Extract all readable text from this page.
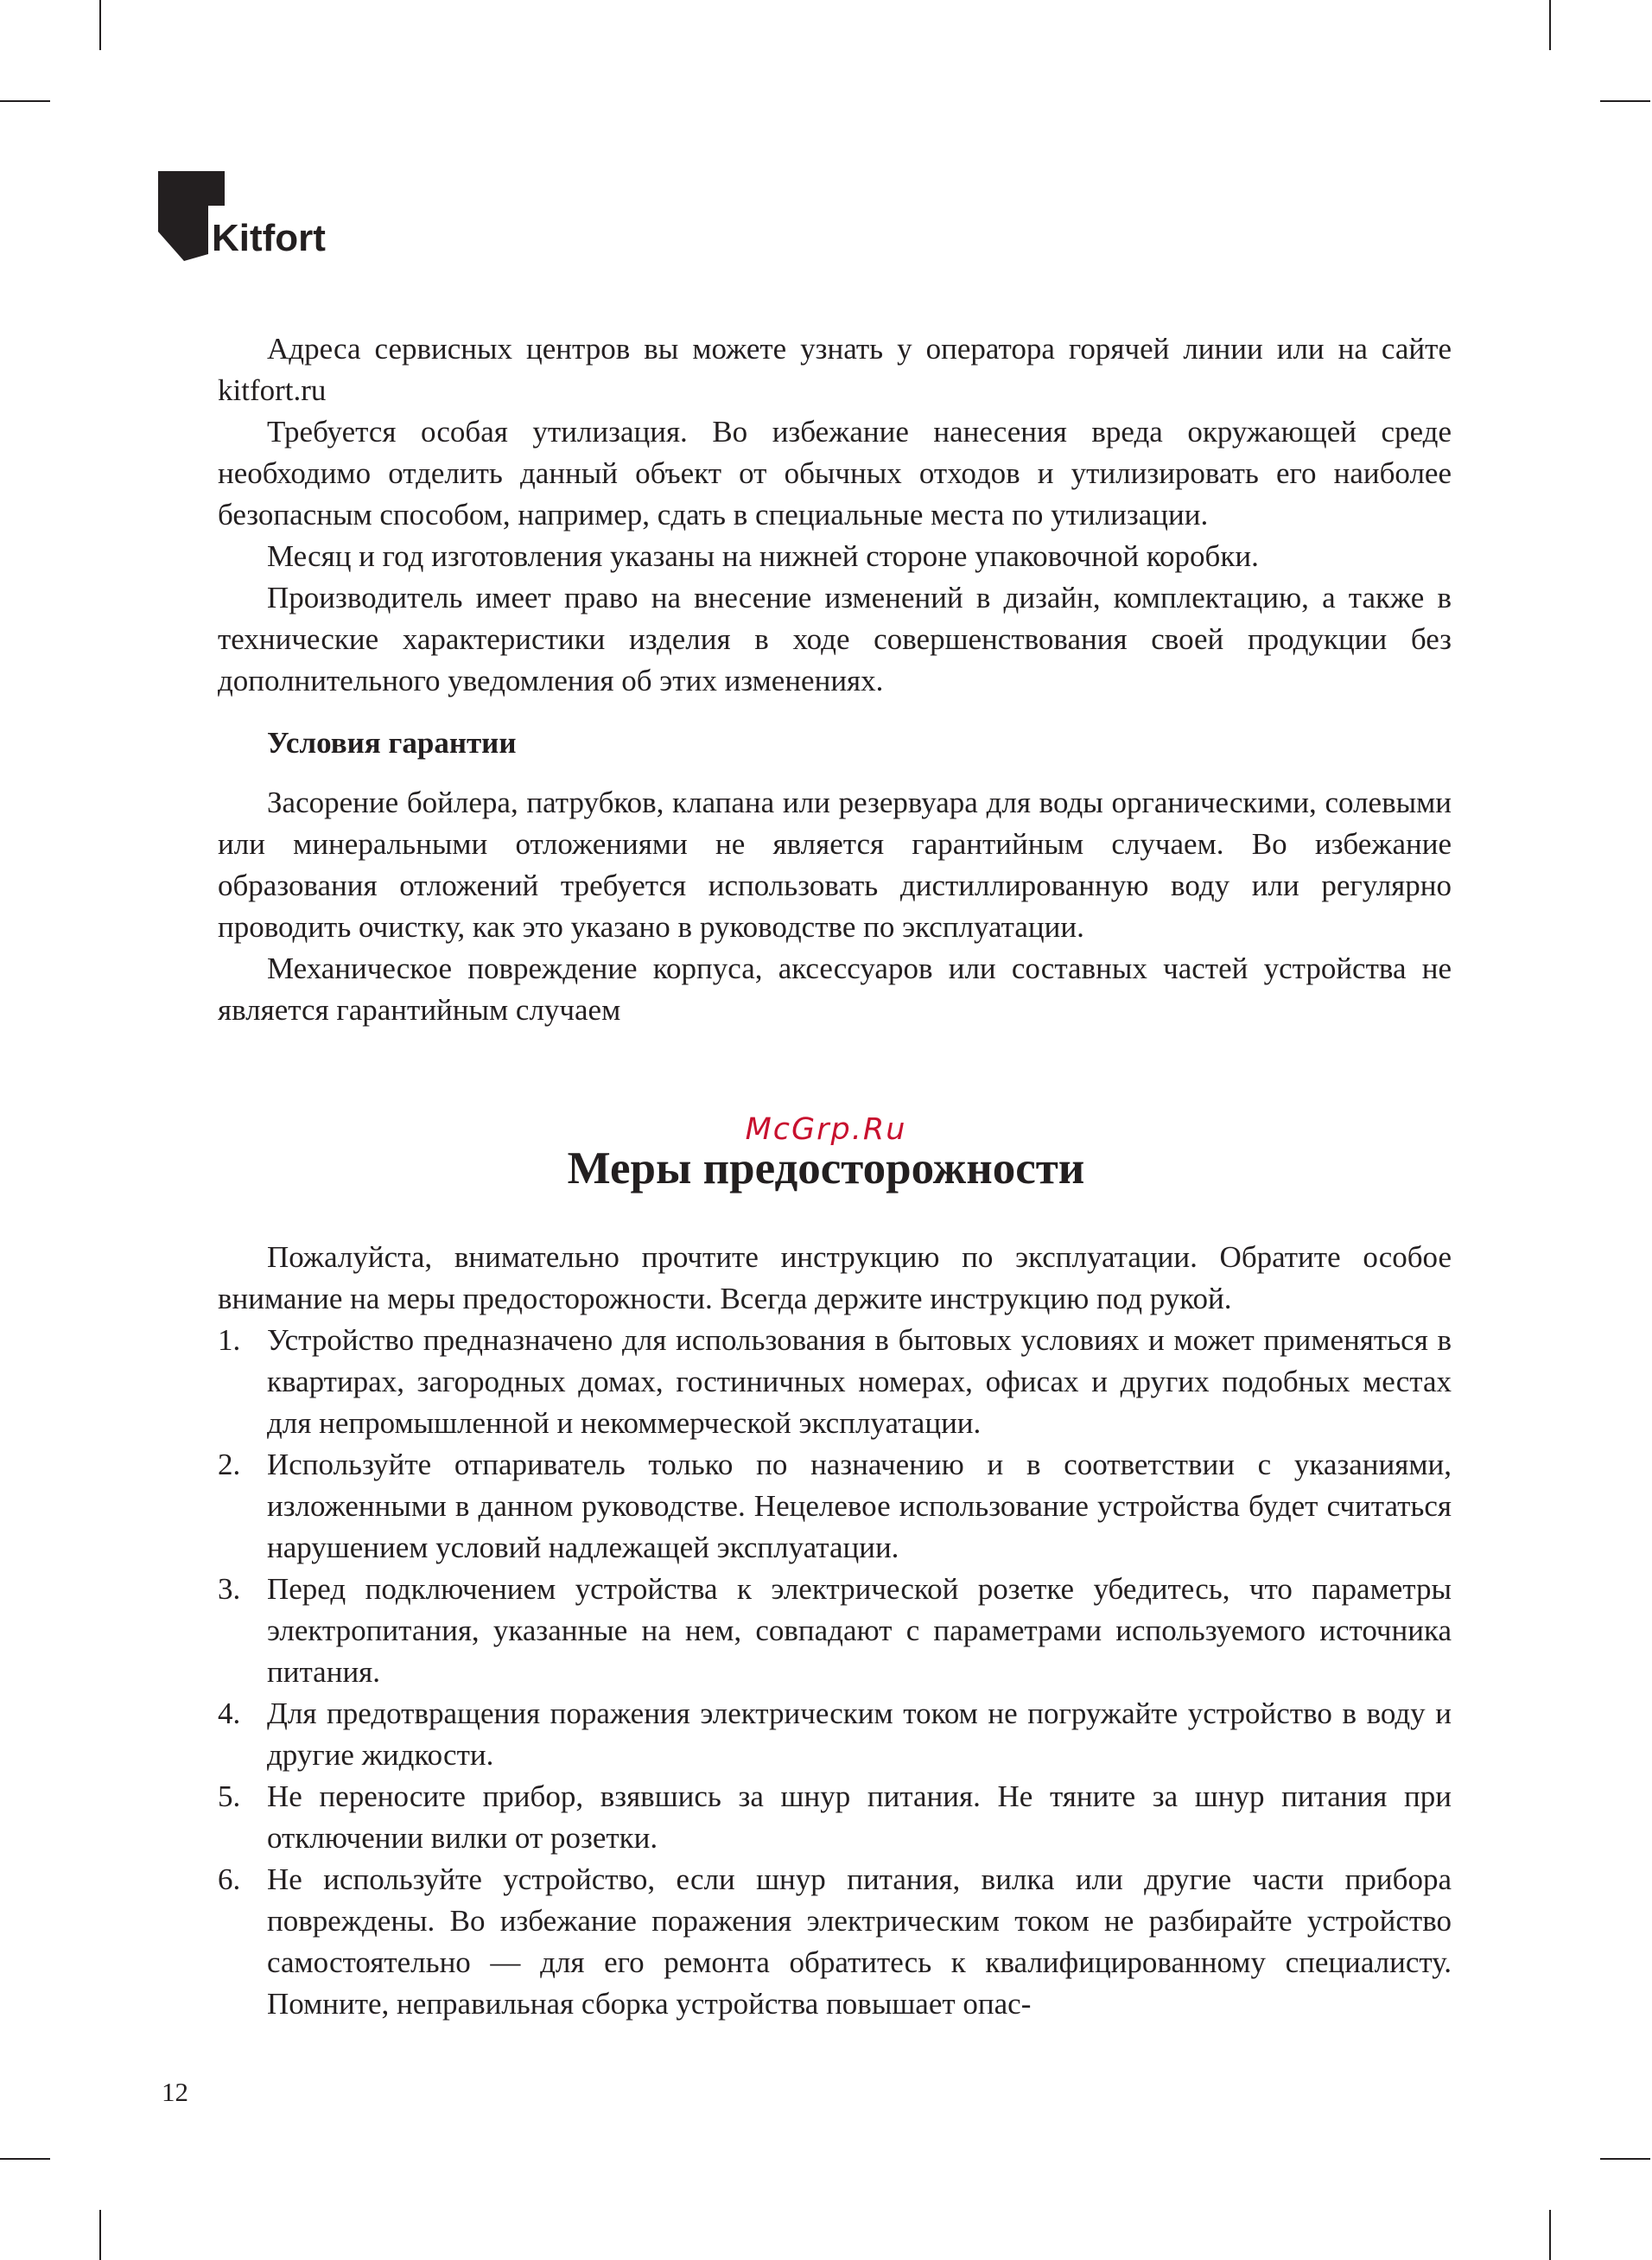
Kitfort

Адреса сервисных центров вы можете узнать у оператора горячей линии или на сайте kitfort.ru

Требуется особая утилизация. Во избежание нанесения вреда окружающей среде необходимо отделить данный объект от обычных отходов и утилизировать его наиболее безопасным способом, например, сдать в специальные места по утилизации.

Месяц и год изготовления указаны на нижней стороне упаковочной коробки.

Производитель имеет право на внесение изменений в дизайн, комплектацию, а также в технические характеристики изделия в ходе совершенствования своей продукции без дополнительного уведомления об этих изменениях.

Условия гарантии

Засорение бойлера, патрубков, клапана или резервуара для воды органическими, солевыми или минеральными отложениями не является гарантийным случаем. Во избежание образования отложений требуется использовать дистиллированную воду или регулярно проводить очистку, как это указано в руководстве по эксплуатации.

Механическое повреждение корпуса, аксессуаров или составных частей устройства не является гарантийным случаем

McGrp.Ru
Меры предосторожности

Пожалуйста, внимательно прочтите инструкцию по эксплуатации. Обратите особое внимание на меры предосторожности. Всегда держите инструкцию под рукой.

1. Устройство предназначено для использования в бытовых условиях и может применяться в квартирах, загородных домах, гостиничных номерах, офисах и других подобных местах для непромышленной и некоммерческой эксплуатации.
2. Используйте отпариватель только по назначению и в соответствии с указаниями, изложенными в данном руководстве. Нецелевое использование устройства будет считаться нарушением условий надлежащей эксплуатации.
3. Перед подключением устройства к электрической розетке убедитесь, что параметры электропитания, указанные на нем, совпадают с параметрами используемого источника питания.
4. Для предотвращения поражения электрическим током не погружайте устройство в воду и другие жидкости.
5. Не переносите прибор, взявшись за шнур питания. Не тяните за шнур питания при отключении вилки от розетки.
6. Не используйте устройство, если шнур питания, вилка или другие части прибора повреждены. Во избежание поражения электрическим током не разбирайте устройство самостоятельно — для его ремонта обратитесь к квалифицированному специалисту. Помните, неправильная сборка устройства повышает опас-
12
